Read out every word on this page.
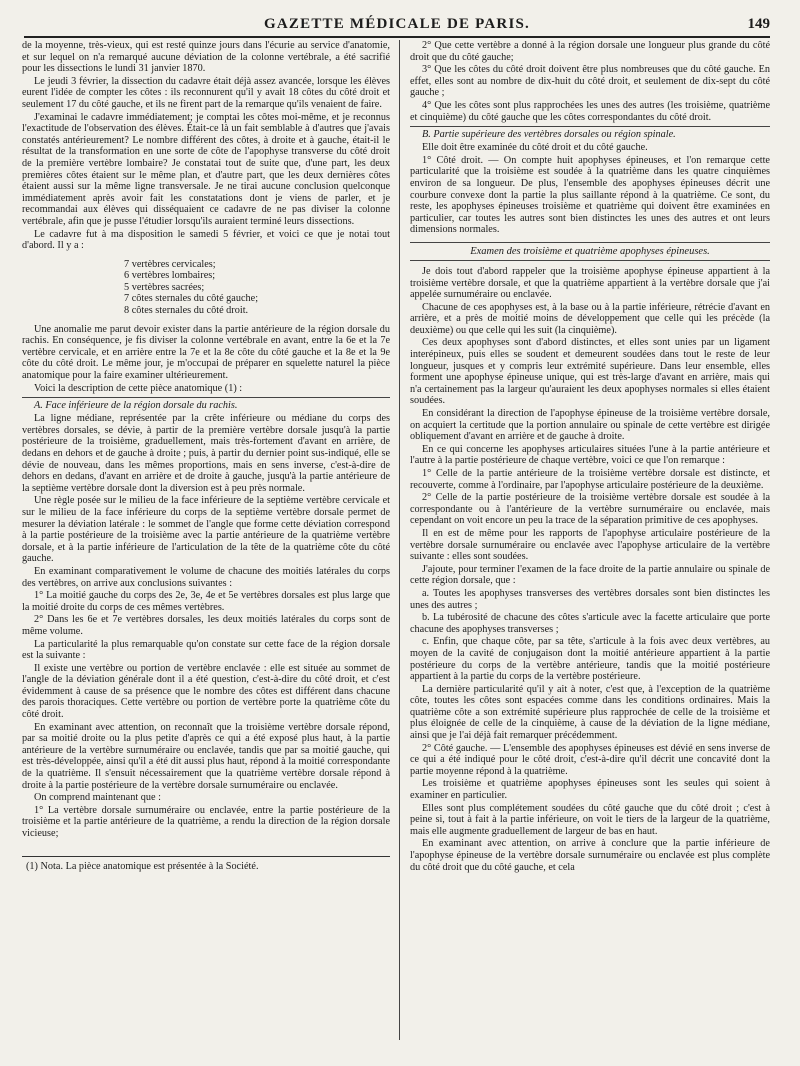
GAZETTE MÉDICALE DE PARIS.	149

de la moyenne, très-vieux, qui est resté quinze jours dans l'écurie au service d'anatomie, et sur lequel on n'a remarqué aucune déviation de la colonne vertébrale, a été sacrifié pour les dissections le lundi 31 janvier 1870.

Le jeudi 3 février, la dissection du cadavre était déjà assez avancée, lorsque les élèves eurent l'idée de compter les côtes : ils reconnurent qu'il y avait 18 côtes du côté droit et seulement 17 du côté gauche, et ils ne firent part de la remarque qu'ils venaient de faire.

J'examinai le cadavre immédiatement; je comptai les côtes moi-même, et je reconnus l'exactitude de l'observation des élèves. Était-ce là un fait semblable à d'autres que j'avais constatés antérieurement? Le nombre différent des côtes, à droite et à gauche, était-il le résultat de la transformation en une sorte de côte de l'apophyse transverse du côté droit de la première vertèbre lombaire? Je constatai tout de suite que, d'une part, les deux premières côtes étaient sur le même plan, et d'autre part, que les deux dernières côtes étaient aussi sur la même ligne transversale. Je ne tirai aucune conclusion quelconque immédiatement après avoir fait les constatations dont je viens de parler, et je recommandai aux élèves qui disséquaient ce cadavre de ne pas diviser la colonne vertébrale, afin que je pusse l'étudier lorsqu'ils auraient terminé leurs dissections.

Le cadavre fut à ma disposition le samedi 5 février, et voici ce que je notai tout d'abord. Il y a :

7 vertèbres cervicales;
6 vertèbres lombaires;
5 vertèbres sacrées;
7 côtes sternales du côté gauche;
8 côtes sternales du côté droit.

Une anomalie me parut devoir exister dans la partie antérieure de la région dorsale du rachis. En conséquence, je fis diviser la colonne vertébrale en avant, entre la 6e et la 7e vertèbre cervicale, et en arrière entre la 7e et la 8e côte du côté gauche et la 8e et la 9e côte du côté droit. Le même jour, je m'occupai de préparer en squelette naturel la pièce anatomique pour la faire examiner ultérieurement.

Voici la description de cette pièce anatomique (1) :

A. Face inférieure de la région dorsale du rachis.

La ligne médiane, représentée par la crête inférieure ou médiane du corps des vertèbres dorsales, se dévie, à partir de la première vertèbre dorsale jusqu'à la partie postérieure de la troisième, graduellement, mais très-fortement d'avant en arrière, de dedans en dehors et de gauche à droite ; puis, à partir du dernier point sus-indiqué, elle se dévie de nouveau, dans les mêmes proportions, mais en sens inverse, c'est-à-dire de dehors en dedans, d'avant en arrière et de droite à gauche, jusqu'à la partie antérieure de la septième vertèbre dorsale dont la diversion est à peu près normale.

Une règle posée sur le milieu de la face inférieure de la septième vertèbre cervicale et sur le milieu de la face inférieure du corps de la septième vertèbre dorsale permet de mesurer la déviation latérale : le sommet de l'angle que forme cette déviation correspond à la partie postérieure de la troisième avec la partie antérieure de la quatrième vertèbre dorsale, et à la partie inférieure de l'articulation de la tête de la quatrième côte du côté gauche.

En examinant comparativement le volume de chacune des moitiés latérales du corps des vertèbres, on arrive aux conclusions suivantes :

1° La moitié gauche du corps des 2e, 3e, 4e et 5e vertèbres dorsales est plus large que la moitié droite du corps de ces mêmes vertèbres.

2° Dans les 6e et 7e vertèbres dorsales, les deux moitiés latérales du corps sont de même volume.

La particularité la plus remarquable qu'on constate sur cette face de la région dorsale est la suivante :

Il existe une vertèbre ou portion de vertèbre enclavée : elle est située au sommet de l'angle de la déviation générale dont il a été question, c'est-à-dire du côté droit, et c'est évidemment à cause de sa présence que le nombre des côtes est différent dans chacune des parois thoraciques. Cette vertèbre ou portion de vertèbre porte la quatrième côte du côté droit.

En examinant avec attention, on reconnaît que la troisième vertèbre dorsale répond, par sa moitié droite ou la plus petite d'après ce qui a été exposé plus haut, à la partie antérieure de la vertèbre surnuméraire ou enclavée, tandis que par sa moitié gauche, qui est très-développée, ainsi qu'il a été dit aussi plus haut, répond à la moitié correspondante de la quatrième. Il s'ensuit nécessairement que la quatrième vertèbre dorsale répond à droite à la partie postérieure de la vertèbre dorsale surnuméraire ou enclavée.

On comprend maintenant que :

1° La vertèbre dorsale surnuméraire ou enclavée, entre la partie postérieure de la troisième et la partie antérieure de la quatrième, a rendu la direction de la région dorsale vicieuse;

(1) Nota. La pièce anatomique est présentée à la Société.

2° Que cette vertèbre a donné à la région dorsale une longueur plus grande du côté droit que du côté gauche;

3° Que les côtes du côté droit doivent être plus nombreuses que du côté gauche. En effet, elles sont au nombre de dix-huit du côté droit, et seulement de dix-sept du côté gauche ;

4° Que les côtes sont plus rapprochées les unes des autres (les troisième, quatrième et cinquième) du côté gauche que les côtes correspondantes du côté droit.

B. Partie supérieure des vertèbres dorsales ou région spinale.

Elle doit être examinée du côté droit et du côté gauche.

1° Côté droit. — On compte huit apophyses épineuses, et l'on remarque cette particularité que la troisième est soudée à la quatrième dans les quatre cinquièmes environ de sa longueur. De plus, l'ensemble des apophyses épineuses décrit une courbure convexe dont la partie la plus saillante répond à la quatrième. Ce sont, du reste, les apophyses épineuses troisième et quatrième qui doivent être examinées en particulier, car toutes les autres sont bien distinctes les unes des autres et ont leurs dimensions normales.

Examen des troisième et quatrième apophyses épineuses.

Je dois tout d'abord rappeler que la troisième apophyse épineuse appartient à la troisième vertèbre dorsale, et que la quatrième appartient à la vertèbre dorsale que j'ai appelée surnuméraire ou enclavée.

Chacune de ces apophyses est, à la base ou à la partie inférieure, rétrécie d'avant en arrière, et a près de moitié moins de développement que celle qui les précède (la deuxième) ou que celle qui les suit (la cinquième).

Ces deux apophyses sont d'abord distinctes, et elles sont unies par un ligament interépineux, puis elles se soudent et demeurent soudées dans tout le reste de leur longueur, jusques et y compris leur extrémité supérieure. Dans leur ensemble, elles forment une apophyse épineuse unique, qui est très-large d'avant en arrière, mais qui n'a certainement pas la largeur qu'auraient les deux apophyses normales si elles étaient soudées.

En considérant la direction de l'apophyse épineuse de la troisième vertèbre dorsale, on acquiert la certitude que la portion annulaire ou spinale de cette vertèbre est dirigée obliquement d'avant en arrière et de gauche à droite.

En ce qui concerne les apophyses articulaires situées l'une à la partie antérieure et l'autre à la partie postérieure de chaque vertèbre, voici ce que l'on remarque :

1° Celle de la partie antérieure de la troisième vertèbre dorsale est distincte, et recouverte, comme à l'ordinaire, par l'apophyse articulaire postérieure de la deuxième.

2° Celle de la partie postérieure de la troisième vertèbre dorsale est soudée à la correspondante ou à l'antérieure de la vertèbre surnuméraire ou enclavée, mais cependant on voit encore un peu la trace de la séparation primitive de ces apophyses.

Il en est de même pour les rapports de l'apophyse articulaire postérieure de la vertèbre dorsale surnuméraire ou enclavée avec l'apophyse articulaire de la vertèbre suivante : elles sont soudées.

J'ajoute, pour terminer l'examen de la face droite de la partie annulaire ou spinale de cette région dorsale, que :

a. Toutes les apophyses transverses des vertèbres dorsales sont bien distinctes les unes des autres ;

b. La tubérosité de chacune des côtes s'articule avec la facette articulaire que porte chacune des apophyses transverses ;

c. Enfin, que chaque côte, par sa tête, s'articule à la fois avec deux vertèbres, au moyen de la cavité de conjugaison dont la moitié antérieure appartient à la partie postérieure du corps de la vertèbre antérieure, tandis que la moitié postérieure appartient à la partie du corps de la vertèbre postérieure.

La dernière particularité qu'il y ait à noter, c'est que, à l'exception de la quatrième côte, toutes les côtes sont espacées comme dans les conditions ordinaires. Mais la quatrième côte a son extrémité supérieure plus rapprochée de celle de la troisième et plus éloignée de celle de la cinquième, à cause de la déviation de la ligne médiane, ainsi que je l'ai déjà fait remarquer précédemment.

2° Côté gauche. — L'ensemble des apophyses épineuses est dévié en sens inverse de ce qui a été indiqué pour le côté droit, c'est-à-dire qu'il décrit une concavité dont la partie moyenne répond à la quatrième.

Les troisième et quatrième apophyses épineuses sont les seules qui soient à examiner en particulier.

Elles sont plus complétement soudées du côté gauche que du côté droit ; c'est à peine si, tout à fait à la partie inférieure, on voit le tiers de la largeur de la quatrième, mais elle augmente graduellement de largeur de bas en haut.

En examinant avec attention, on arrive à conclure que la partie inférieure de l'apophyse épineuse de la vertèbre dorsale surnuméraire ou enclavée est plus complète du côté droit que du côté gauche, et cela
